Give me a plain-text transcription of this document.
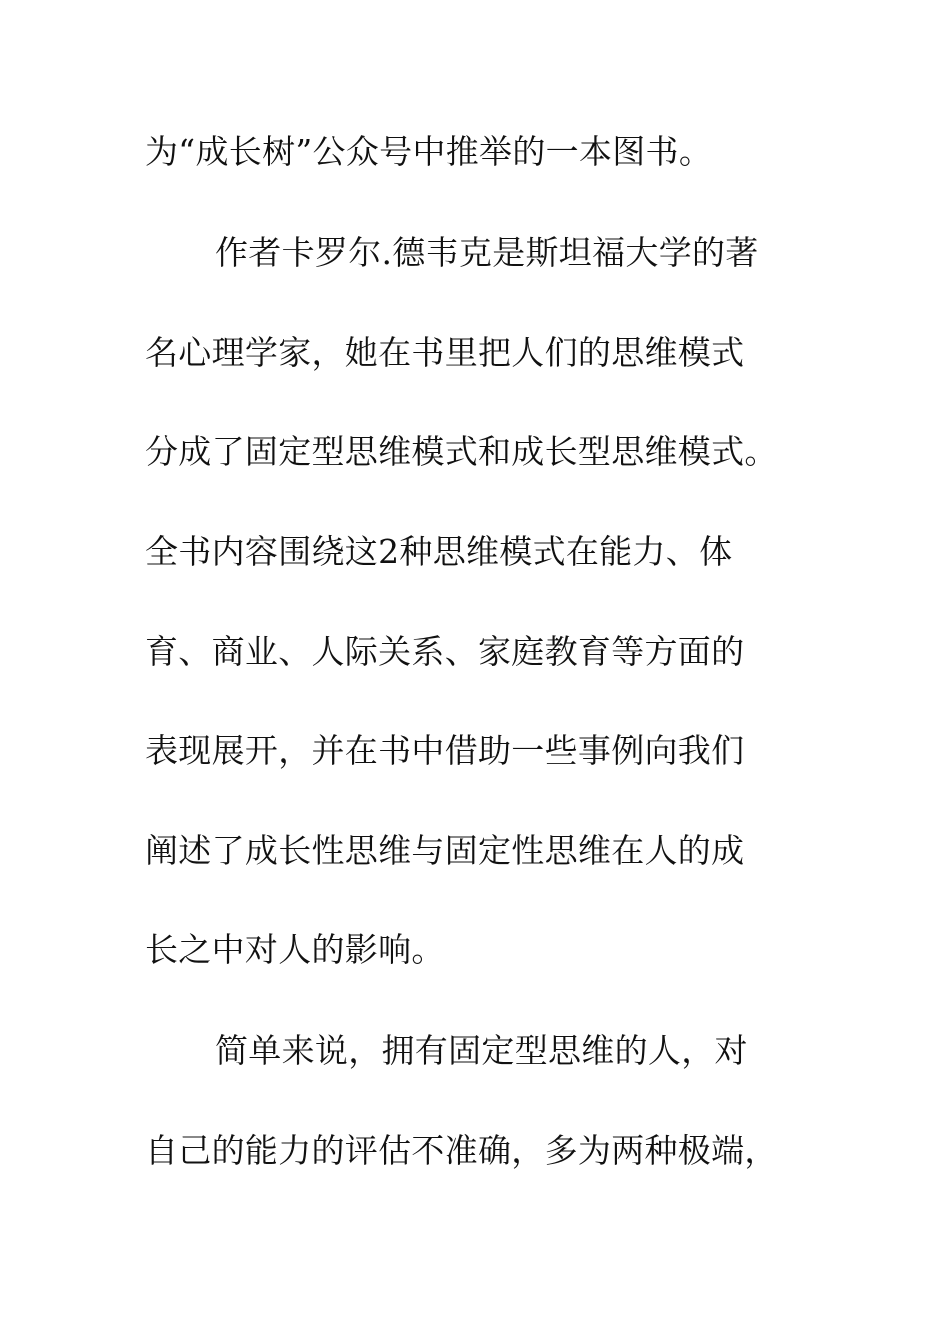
为“成长树”公众号中推举的一本图书。
作者卡罗尔.德韦克是斯坦福大学的著
名心理学家，她在书里把人们的思维模式
分成了固定型思维模式和成长型思维模式。
全书内容围绕这2种思维模式在能力、体
育、商业、人际关系、家庭教育等方面的
表现展开，并在书中借助一些事例向我们
阐述了成长性思维与固定性思维在人的成
长之中对人的影响。
简单来说，拥有固定型思维的人，对
自己的能力的评估不准确，多为两种极端，
